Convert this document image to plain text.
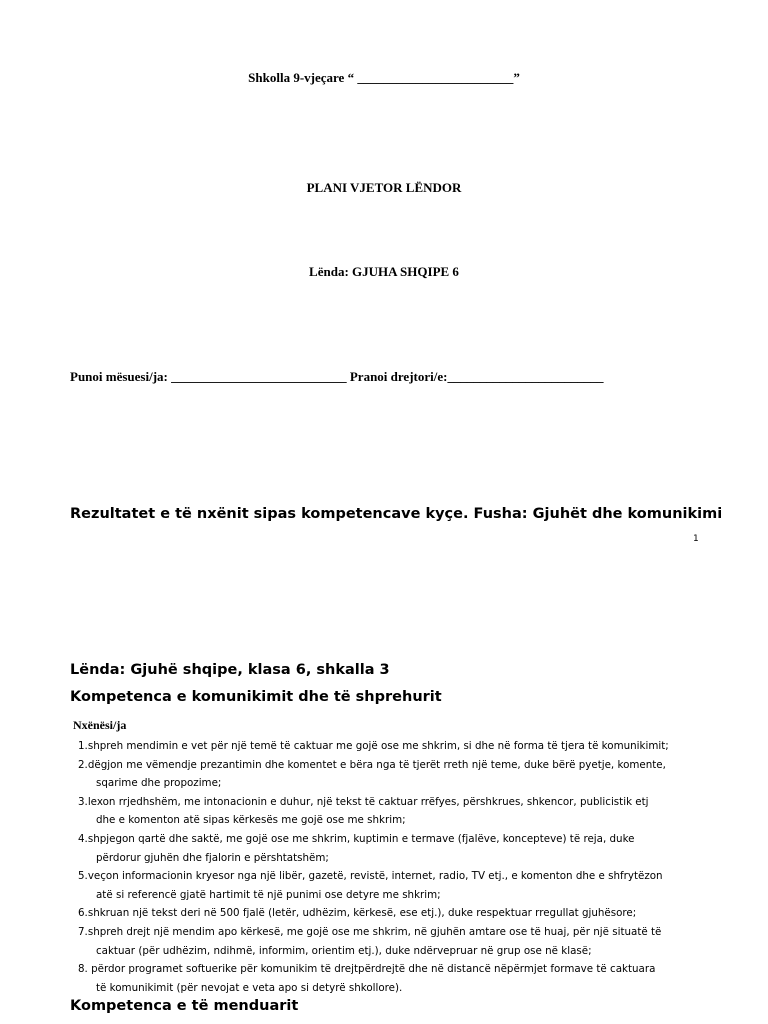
Shkolla 9-vjeçare “ ________________________”
PLANI VJETOR LËNDOR
Lënda: GJUHA SHQIPE 6
Punoi mësuesi/ja: ___________________________ Pranoi drejtori/e:________________________
Rezultatet e të nxënit sipas kompetencave kyçe. Fusha: Gjuhët dhe komunikimi
1
Lënda: Gjuhë shqipe, klasa 6, shkalla 3
Kompetenca e komunikimit dhe të shprehurit
Nxënësi/ja
1.shpreh mendimin e vet për një temë të caktuar me gojë ose me shkrim, si dhe në forma të tjera të komunikimit;
2.dëgjon me vëmendje prezantimin dhe komentet e bëra nga të tjerët rreth një teme, duke bërë pyetje, komente,
sqarime dhe propozime;
3.lexon rrjedhshëm, me intonacionin e duhur, një tekst të caktuar rrëfyes, përshkrues, shkencor, publicistik etj
dhe e komenton atë sipas kërkesës me gojë ose me shkrim;
4.shpjegon qartë dhe saktë, me gojë ose me shkrim, kuptimin e termave (fjalëve, koncepteve) të reja, duke
përdorur gjuhën dhe fjalorin e përshtatshëm;
5.veçon informacionin kryesor nga një libër, gazetë, revistë, internet, radio, TV etj., e komenton dhe e shfrytëzon
atë si referencë gjatë hartimit të një punimi ose detyre me shkrim;
6.shkruan një tekst deri në 500 fjalë (letër, udhëzim, kërkesë, ese etj.), duke respektuar rregullat gjuhësore;
7.shpreh drejt një mendim apo kërkesë, me gojë ose me shkrim, në gjuhën amtare ose të huaj, për një situatë të
caktuar (për udhëzim, ndihmë, informim, orientim etj.), duke ndërvepruar në grup ose në klasë;
8. përdor programet softuerike për komunikim të drejtpërdrejtë dhe në distancë nëpërmjet formave të caktuara
të komunikimit (për nevojat e veta apo si detyrë shkollore).
Kompetenca e të menduarit
